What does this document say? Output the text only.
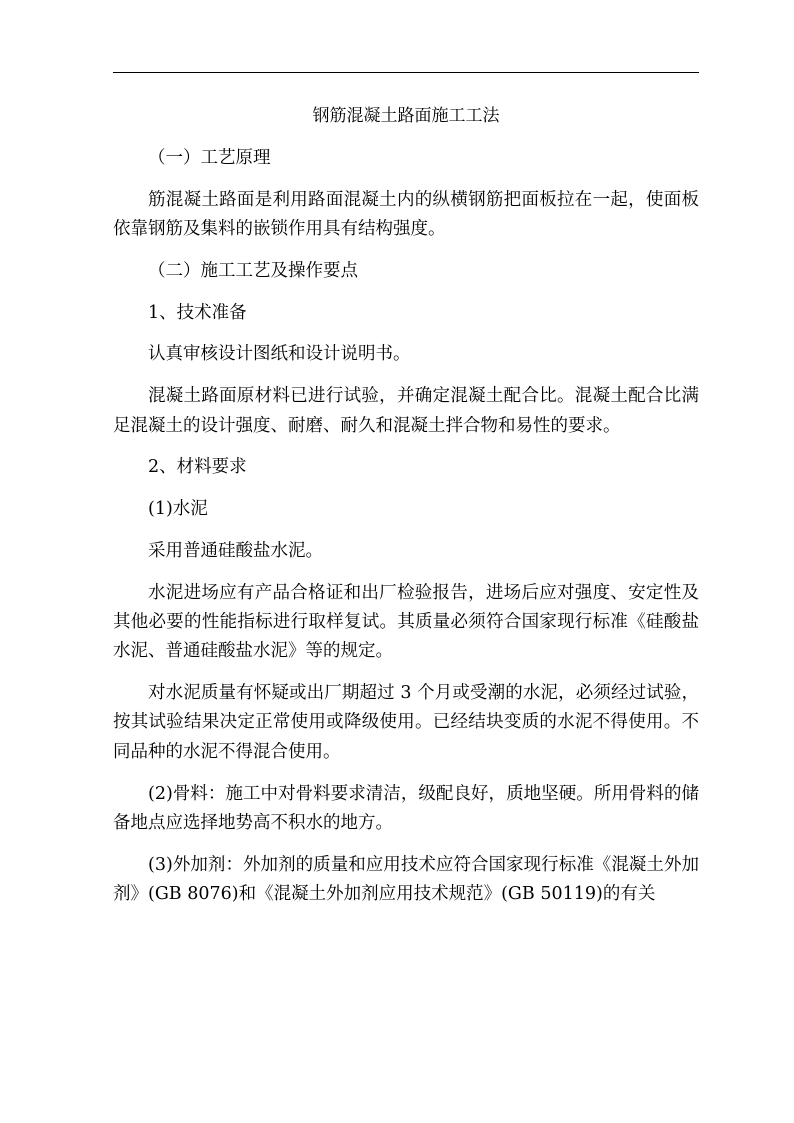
钢筋混凝土路面施工工法

（一）工艺原理

筋混凝土路面是利用路面混凝土内的纵横钢筋把面板拉在一起，使面板依靠钢筋及集料的嵌锁作用具有结构强度。

（二）施工工艺及操作要点

1、技术准备

认真审核设计图纸和设计说明书。

混凝土路面原材料已进行试验，并确定混凝土配合比。混凝土配合比满足混凝土的设计强度、耐磨、耐久和混凝土拌合物和易性的要求。

2、材料要求

(1)水泥

采用普通硅酸盐水泥。

水泥进场应有产品合格证和出厂检验报告，进场后应对强度、安定性及其他必要的性能指标进行取样复试。其质量必须符合国家现行标准《硅酸盐水泥、普通硅酸盐水泥》等的规定。

对水泥质量有怀疑或出厂期超过 3 个月或受潮的水泥，必须经过试验，按其试验结果决定正常使用或降级使用。已经结块变质的水泥不得使用。不同品种的水泥不得混合使用。

(2)骨料：施工中对骨料要求清洁，级配良好，质地坚硬。所用骨料的储备地点应选择地势高不积水的地方。

(3)外加剂：外加剂的质量和应用技术应符合国家现行标准《混凝土外加剂》(GB 8076)和《混凝土外加剂应用技术规范》(GB 50119)的有关
